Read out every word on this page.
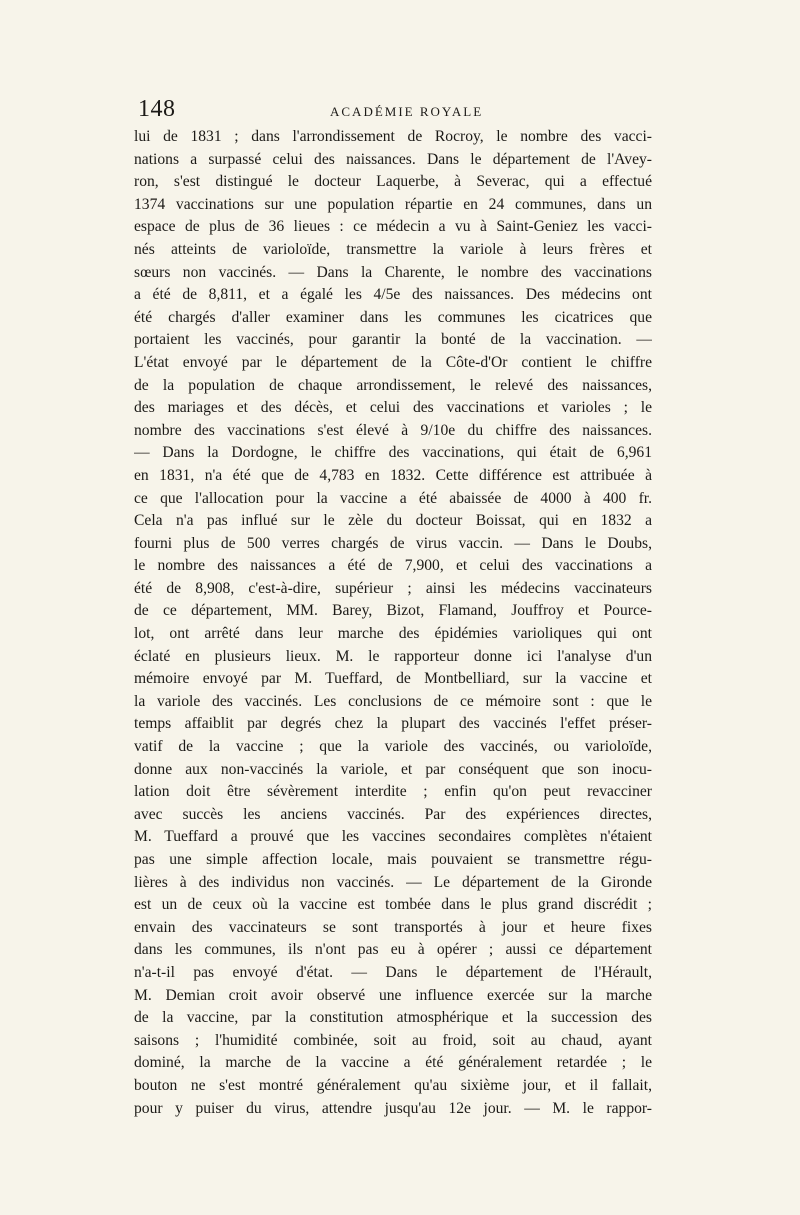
148	ACADÉMIE ROYALE
lui de 1831 ; dans l'arrondissement de Rocroy, le nombre des vacci-
nations a surpassé celui des naissances. Dans le département de l'Avey-
ron, s'est distingué le docteur Laquerbe, à Severac, qui a effectué
1374 vaccinations sur une population répartie en 24 communes, dans un
espace de plus de 36 lieues : ce médecin a vu à Saint-Geniez les vacci-
nés atteints de varioloïde, transmettre la variole à leurs frères et
sœurs non vaccinés. — Dans la Charente, le nombre des vaccinations
a été de 8,811, et a égalé les 4/5e des naissances. Des médecins ont
été chargés d'aller examiner dans les communes les cicatrices que
portaient les vaccinés, pour garantir la bonté de la vaccination. —
L'état envoyé par le département de la Côte-d'Or contient le chiffre
de la population de chaque arrondissement, le relevé des naissances,
des mariages et des décès, et celui des vaccinations et varioles ; le
nombre des vaccinations s'est élevé à 9/10e du chiffre des naissances.
— Dans la Dordogne, le chiffre des vaccinations, qui était de 6,961
en 1831, n'a été que de 4,783 en 1832. Cette différence est attribuée à
ce que l'allocation pour la vaccine a été abaissée de 4000 à 400 fr.
Cela n'a pas influé sur le zèle du docteur Boissat, qui en 1832 a
fourni plus de 500 verres chargés de virus vaccin. — Dans le Doubs,
le nombre des naissances a été de 7,900, et celui des vaccinations a
été de 8,908, c'est-à-dire, supérieur ; ainsi les médecins vaccinateurs
de ce département, MM. Barey, Bizot, Flamand, Jouffroy et Pource-
lot, ont arrêté dans leur marche des épidémies varioliques qui ont
éclaté en plusieurs lieux. M. le rapporteur donne ici l'analyse d'un
mémoire envoyé par M. Tueffard, de Montbelliard, sur la vaccine et
la variole des vaccinés. Les conclusions de ce mémoire sont : que le
temps affaiblit par degrés chez la plupart des vaccinés l'effet préser-
vatif de la vaccine ; que la variole des vaccinés, ou varioloïde,
donne aux non-vaccinés la variole, et par conséquent que son inocu-
lation doit être sévèrement interdite ; enfin qu'on peut revacciner
avec succès les anciens vaccinés. Par des expériences directes,
M. Tueffard a prouvé que les vaccines secondaires complètes n'étaient
pas une simple affection locale, mais pouvaient se transmettre régu-
lières à des individus non vaccinés. — Le département de la Gironde
est un de ceux où la vaccine est tombée dans le plus grand discrédit ;
envain des vaccinateurs se sont transportés à jour et heure fixes
dans les communes, ils n'ont pas eu à opérer ; aussi ce département
n'a-t-il pas envoyé d'état. — Dans le département de l'Hérault,
M. Demian croit avoir observé une influence exercée sur la marche
de la vaccine, par la constitution atmosphérique et la succession des
saisons ; l'humidité combinée, soit au froid, soit au chaud, ayant
dominé, la marche de la vaccine a été généralement retardée ; le
bouton ne s'est montré généralement qu'au sixième jour, et il fallait,
pour y puiser du virus, attendre jusqu'au 12e jour. — M. le rappor-
